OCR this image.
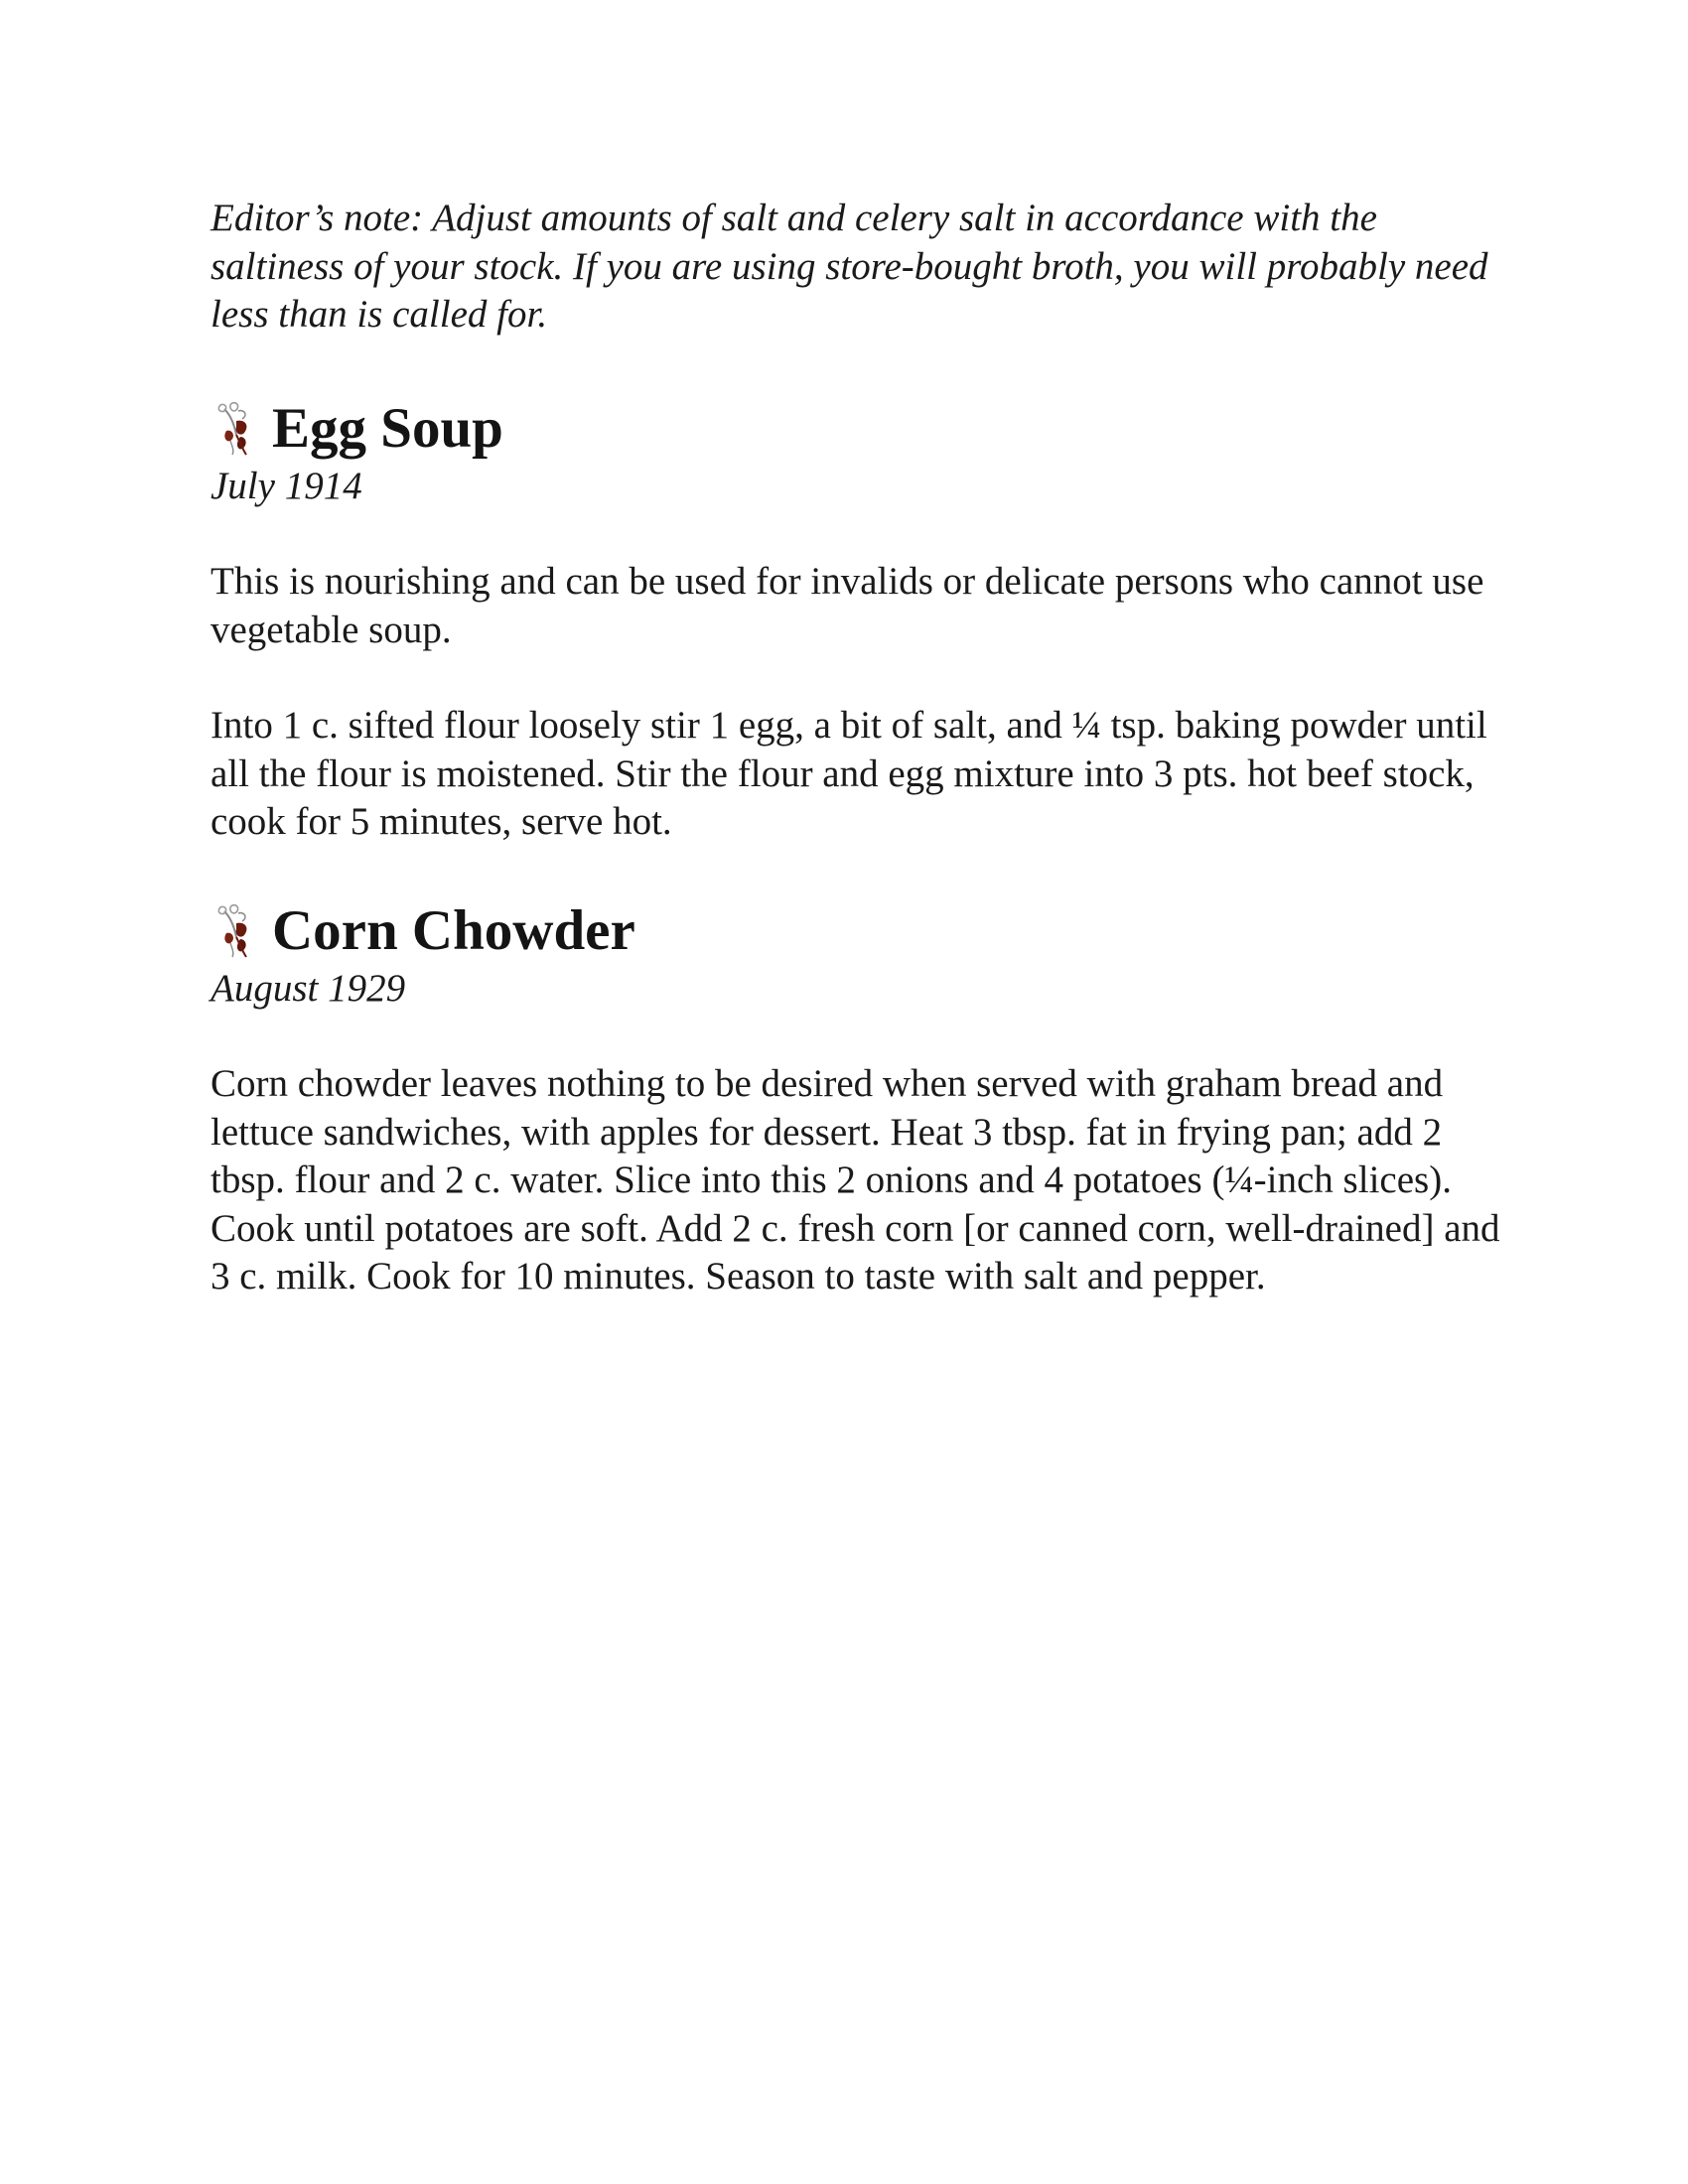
Editor’s note: Adjust amounts of salt and celery salt in accordance with the saltiness of your stock. If you are using store-bought broth, you will probably need less than is called for.

Egg Soup

July 1914

This is nourishing and can be used for invalids or delicate persons who cannot use vegetable soup.

Into 1 c. sifted flour loosely stir 1 egg, a bit of salt, and ¼ tsp. baking powder until all the flour is moistened. Stir the flour and egg mixture into 3 pts. hot beef stock, cook for 5 minutes, serve hot.

Corn Chowder

August 1929

Corn chowder leaves nothing to be desired when served with graham bread and lettuce sandwiches, with apples for dessert. Heat 3 tbsp. fat in frying pan; add 2 tbsp. flour and 2 c. water. Slice into this 2 onions and 4 potatoes (¼-inch slices). Cook until potatoes are soft. Add 2 c. fresh corn [or canned corn, well-drained] and 3 c. milk. Cook for 10 minutes. Season to taste with salt and pepper.
